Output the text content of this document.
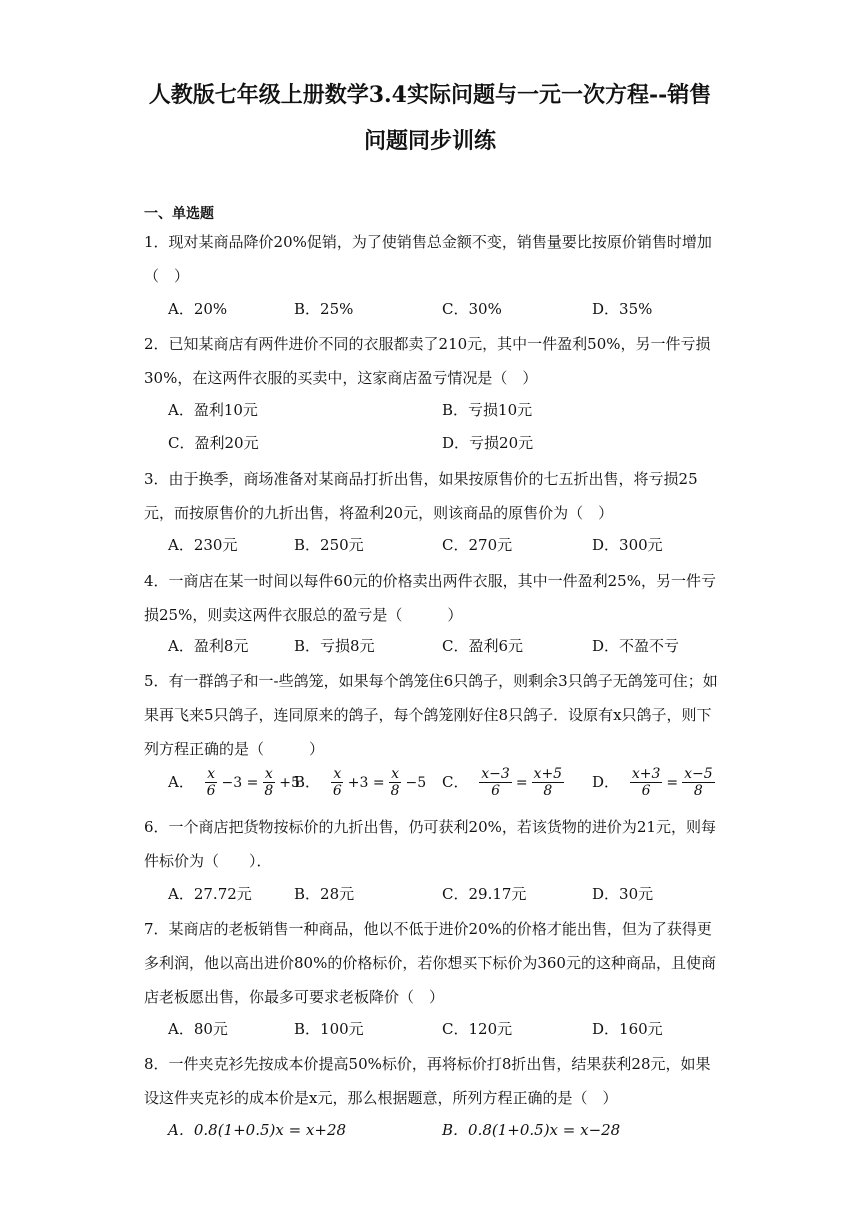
人教版七年级上册数学3.4实际问题与一元一次方程--销售
问题同步训练
一、单选题
1．现对某商品降价20%促销，为了使销售总金额不变，销售量要比按原价销售时增加（　）
A．20%	B．25%	C．30%	D．35%
2．已知某商店有两件进价不同的衣服都卖了210元，其中一件盈利50%，另一件亏损30%，在这两件衣服的买卖中，这家商店盈亏情况是（　）
A．盈利10元	B．亏损10元
C．盈利20元	D．亏损20元
3．由于换季，商场准备对某商品打折出售，如果按原售价的七五折出售，将亏损25元，而按原售价的九折出售，将盈利20元，则该商品的原售价为（　）
A．230元	B．250元	C．270元	D．300元
4．一商店在某一时间以每件60元的价格卖出两件衣服，其中一件盈利25%，另一件亏损25%，则卖这两件衣服总的盈亏是（　　　）
A．盈利8元	B．亏损8元	C．盈利6元	D．不盈不亏
5．有一群鸽子和一-些鸽笼，如果每个鸽笼住6只鸽子，则剩余3只鸽子无鸽笼可住；如果再飞来5只鸽子，连同原来的鸽子，每个鸽笼刚好住8只鸽子．设原有x只鸽子，则下列方程正确的是（　　　）
A． $\frac{x}{6} -3 = \frac{x}{8} +5$
B． $\frac{x}{6} +3 = \frac{x}{8} -5$ C． $\frac{x-3}{6} = \frac{x+5}{8}$ D． $\frac{x+3}{6} = \frac{x-5}{8}$
6．一个商店把货物按标价的九折出售，仍可获利20%，若该货物的进价为21元，则每件标价为（　　）．
A．27.72元	B．28元	C．29.17元	D．30元
7．某商店的老板销售一种商品，他以不低于进价20%的价格才能出售，但为了获得更多利润，他以高出进价80%的价格标价，若你想买下标价为360元的这种商品，且使商店老板愿出售，你最多可要求老板降价（　）
A．80元	B．100元	C．120元	D．160元
8．一件夹克衫先按成本价提高50%标价，再将标价打8折出售，结果获利28元，如果设这件夹克衫的成本价是x元，那么根据题意，所列方程正确的是（　）
A．0.8(1+0.5)x = x+28	B．0.8(1+0.5)x = x−28
